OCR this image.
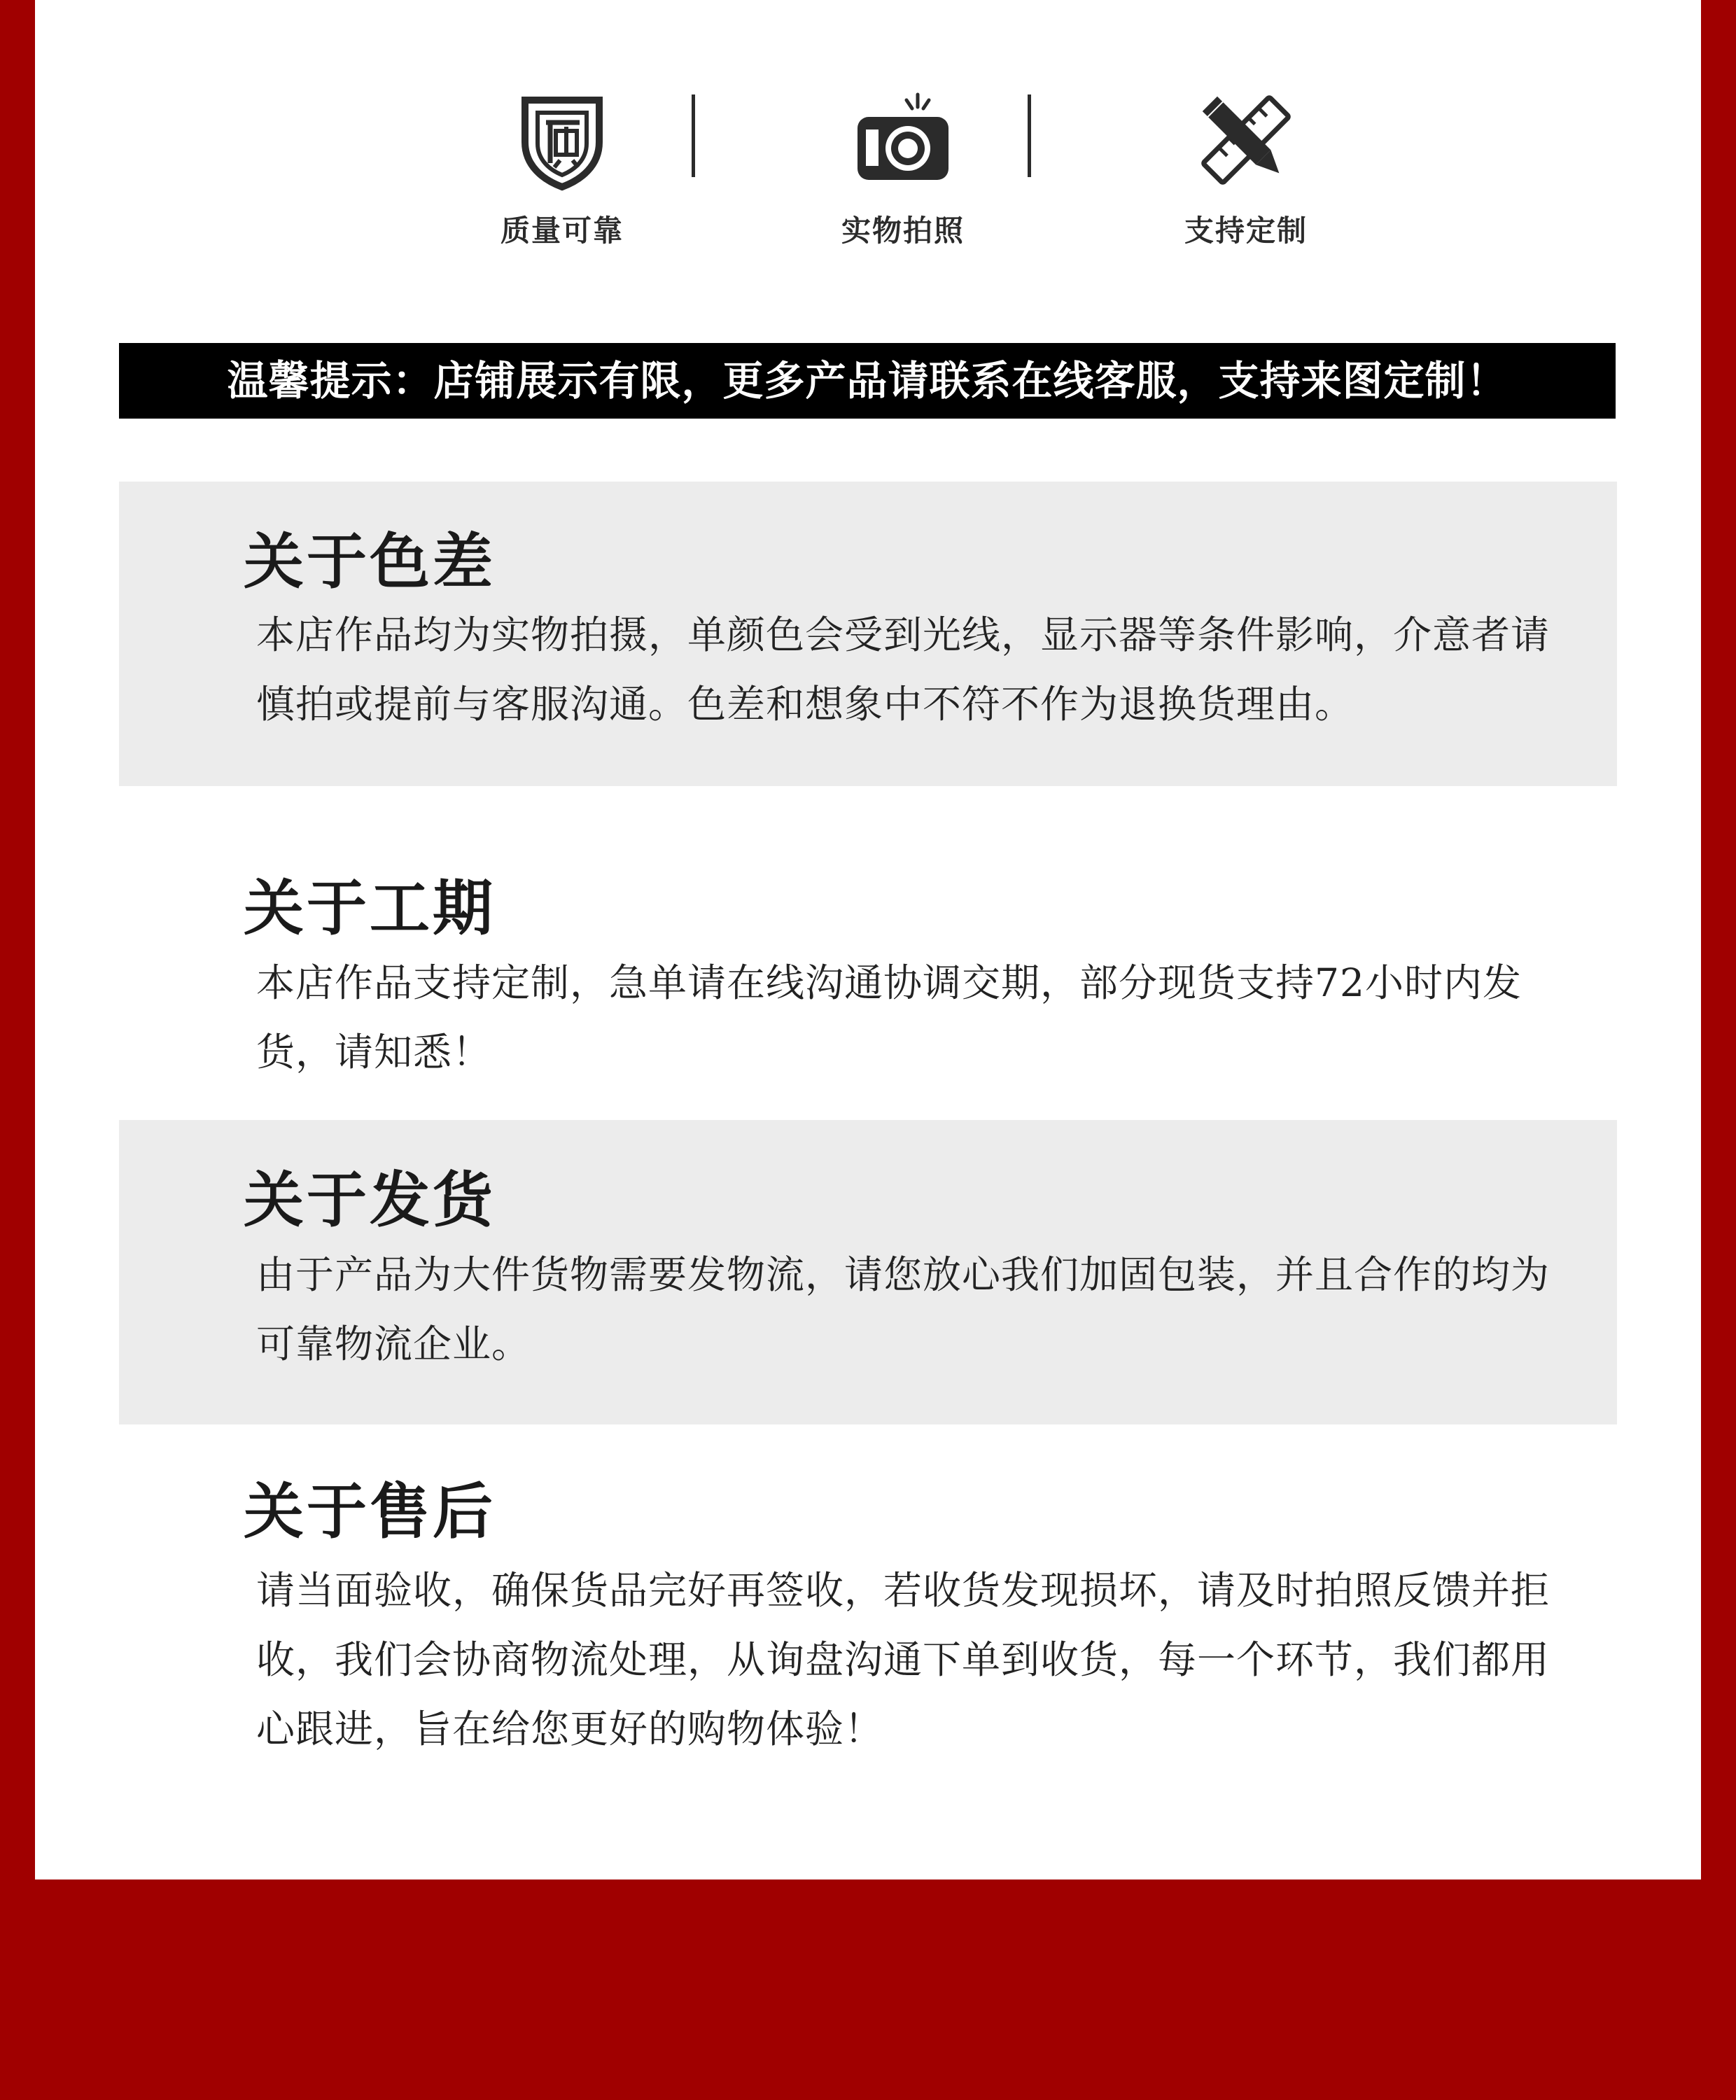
质量可靠	实物拍照	支持定制
温馨提示：店铺展示有限，更多产品请联系在线客服，支持来图定制！
关于色差
本店作品均为实物拍摄，单颜色会受到光线，显示器等条件影响，介意者请慎拍或提前与客服沟通。色差和想象中不符不作为退换货理由。
关于工期
本店作品支持定制，急单请在线沟通协调交期，部分现货支持72小时内发货，请知悉！
关于发货
由于产品为大件货物需要发物流，请您放心我们加固包装，并且合作的均为可靠物流企业。
关于售后
请当面验收，确保货品完好再签收，若收货发现损坏，请及时拍照反馈并拒收，我们会协商物流处理，从询盘沟通下单到收货，每一个环节，我们都用心跟进，旨在给您更好的购物体验！
